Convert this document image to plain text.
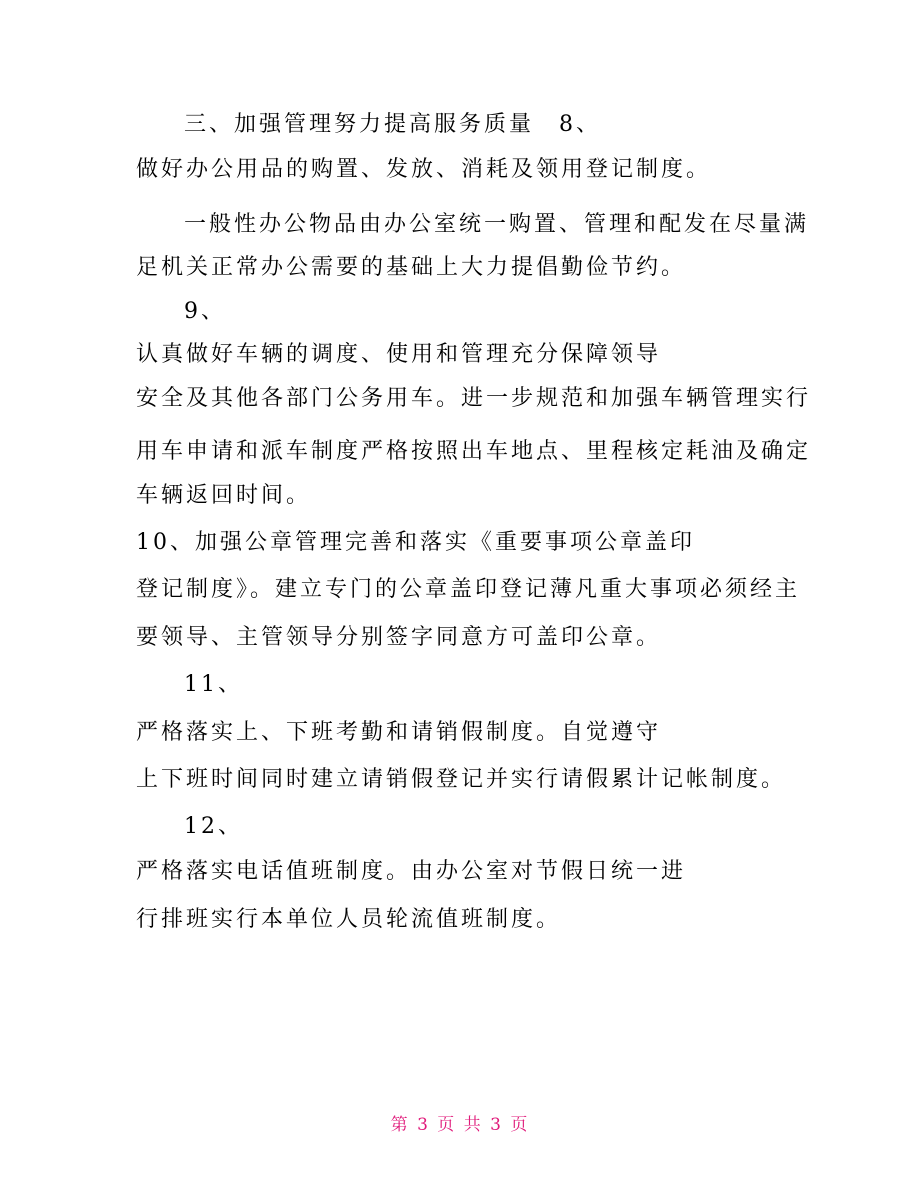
三、加强管理努力提高服务质量　8、
做好办公用品的购置、发放、消耗及领用登记制度。
一般性办公物品由办公室统一购置、管理和配发在尽量满
足机关正常办公需要的基础上大力提倡勤俭节约。
9、
认真做好车辆的调度、使用和管理充分保障领导
安全及其他各部门公务用车。进一步规范和加强车辆管理实行
用车申请和派车制度严格按照出车地点、里程核定耗油及确定
车辆返回时间。
10、加强公章管理完善和落实《重要事项公章盖印
登记制度》。建立专门的公章盖印登记薄凡重大事项必须经主
要领导、主管领导分别签字同意方可盖印公章。
11、
严格落实上、下班考勤和请销假制度。自觉遵守
上下班时间同时建立请销假登记并实行请假累计记帐制度。
12、
严格落实电话值班制度。由办公室对节假日统一进
行排班实行本单位人员轮流值班制度。
第 3 页 共 3 页
